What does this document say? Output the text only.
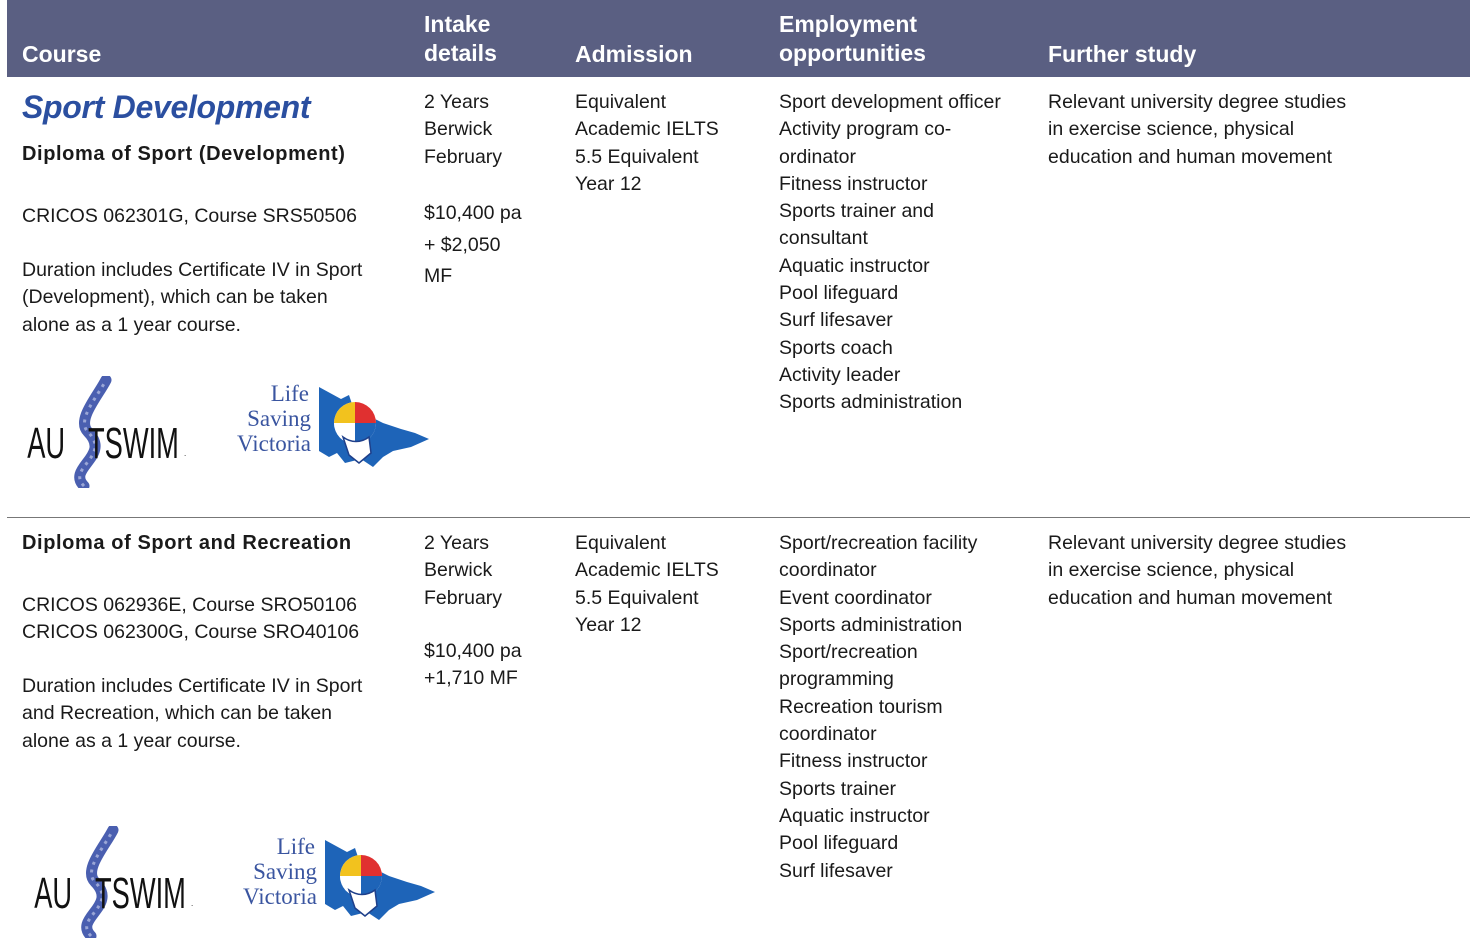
Course
Intake
details	Admission
Employment
opportunities	Further study
Sport Development
Diploma of Sport (Development)
CRICOS 062301G, Course SRS50506
Duration includes Certificate IV in Sport
(Development), which can be taken
alone as a 1 year course.
2 Years
Berwick
February
$10,400 pa
+ $2,050
MF
Equivalent
Academic IELTS
5.5 Equivalent
Year 12
Sport development officer
Activity program co-
ordinator
Fitness instructor
Sports trainer and
consultant
Aquatic instructor
Pool lifeguard
Surf lifesaver
Sports coach
Activity leader
Sports administration
Relevant university degree studies
in exercise science, physical
education and human movement
AU TSWIM .
Life
Saving
Victoria
Diploma of Sport and Recreation
CRICOS 062936E, Course SRO50106
CRICOS 062300G, Course SRO40106
Duration includes Certificate IV in Sport
and Recreation, which can be taken
alone as a 1 year course.
2 Years
Berwick
February
$10,400 pa
+1,710 MF
Equivalent
Academic IELTS
5.5 Equivalent
Year 12
Sport/recreation facility
coordinator
Event coordinator
Sports administration
Sport/recreation
programming
Recreation tourism
coordinator
Fitness instructor
Sports trainer
Aquatic instructor
Pool lifeguard
Surf lifesaver
Relevant university degree studies
in exercise science, physical
education and human movement
AU TSWIM .
Life
Saving
Victoria
